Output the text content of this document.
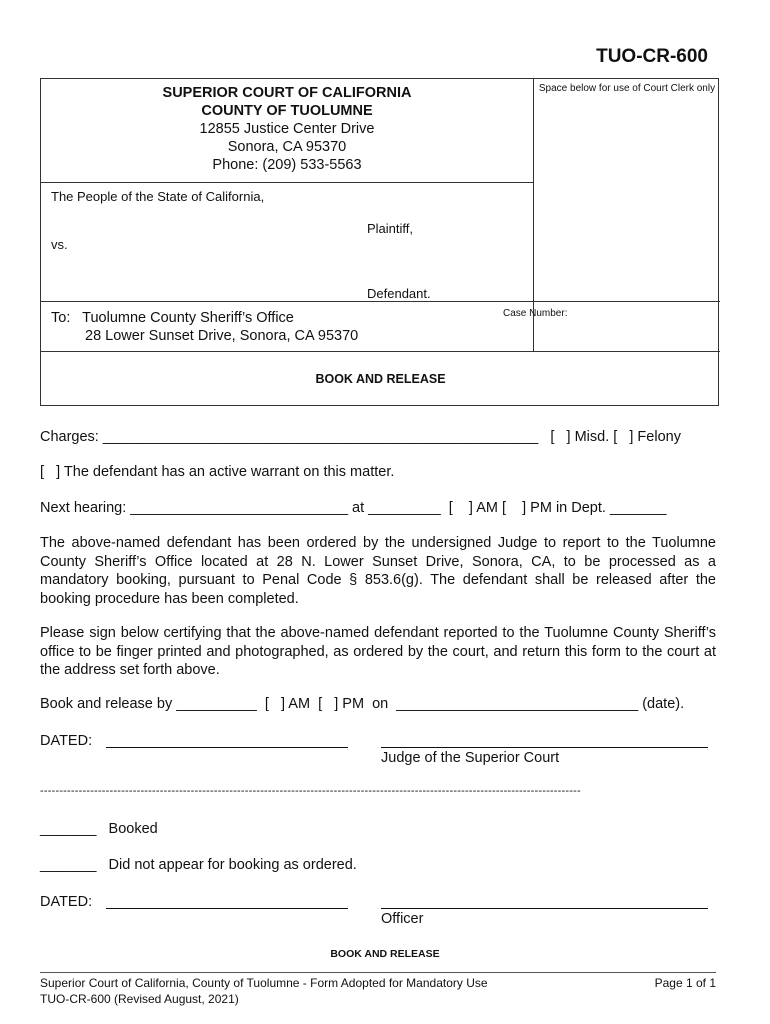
TUO-CR-600
SUPERIOR COURT OF CALIFORNIA
COUNTY OF TUOLUMNE
12855 Justice Center Drive
Sonora, CA 95370
Phone: (209) 533-5563
Space below for use of Court Clerk only
The People of the State of California,
Plaintiff,
vs.
Defendant.
To:   Tuolumne County Sheriff’s Office
28 Lower Sunset Drive, Sonora, CA 95370
Case Number:
BOOK AND RELEASE
Charges: ______________________________________________________   [   ] Misd. [   ] Felony
[   ] The defendant has an active warrant on this matter.
Next hearing: ___________________________ at _________  [    ] AM [    ] PM in Dept. _______
The above-named defendant has been ordered by the undersigned Judge to report to the Tuolumne County Sheriff’s Office located at 28 N. Lower Sunset Drive, Sonora, CA, to be processed as a mandatory booking, pursuant to Penal Code § 853.6(g). The defendant shall be released after the booking procedure has been completed.
Please sign below certifying that the above-named defendant reported to the Tuolumne County Sheriff’s office to be finger printed and photographed, as ordered by the court, and return this form to the court at the address set forth above.
Book and release by __________  [   ] AM  [   ] PM  on  ______________________________ (date).
DATED:
Judge of the Superior Court
--------------------------------------------------------------------------------------------------------------------------------------------
_______   Booked
_______   Did not appear for booking as ordered.
DATED:
Officer
BOOK AND RELEASE
Superior Court of California, County of Tuolumne - Form Adopted for Mandatory Use	Page 1 of 1
TUO-CR-600 (Revised August, 2021)
